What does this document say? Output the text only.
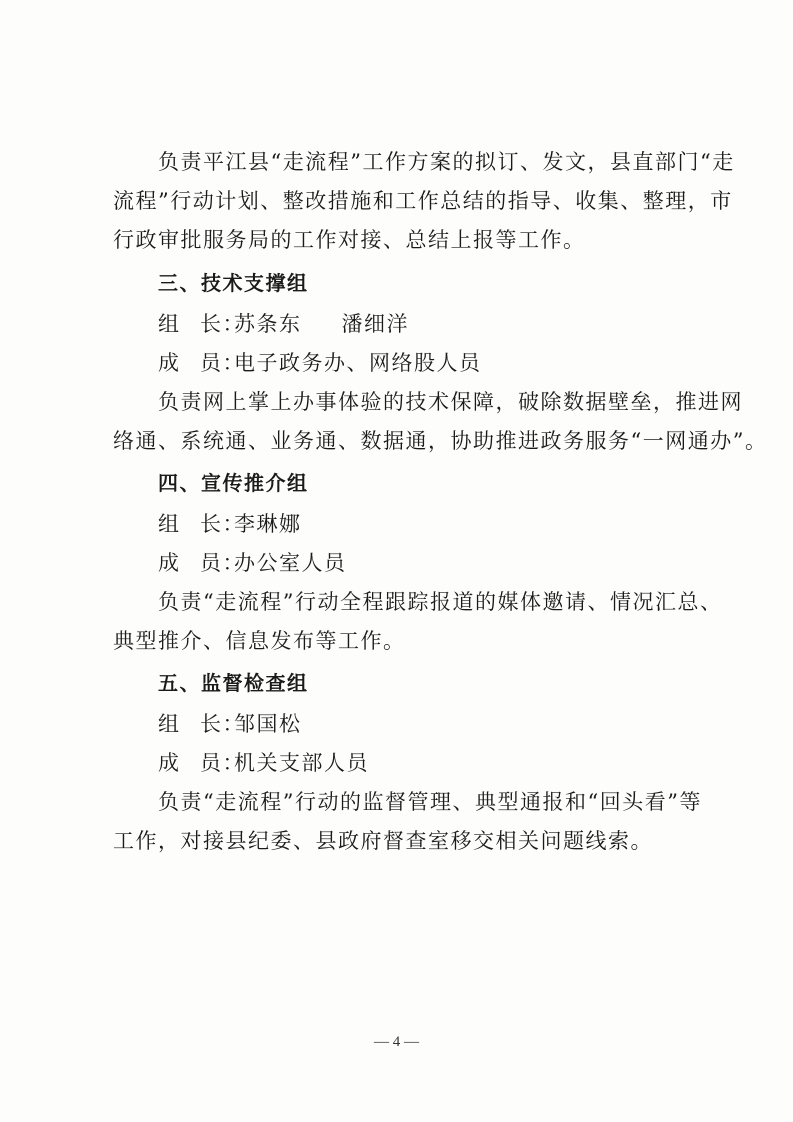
负责平江县“走流程”工作方案的拟订、发文，县直部门“走
流程”行动计划、整改措施和工作总结的指导、收集、整理，市
行政审批服务局的工作对接、总结上报等工作。
三、技术支撑组
组 长：苏条东 潘细洋
成 员：电子政务办、网络股人员
负责网上掌上办事体验的技术保障，破除数据壁垒，推进网
络通、系统通、业务通、数据通，协助推进政务服务“一网通办”。
四、宣传推介组
组 长：李琳娜
成 员：办公室人员
负责“走流程”行动全程跟踪报道的媒体邀请、情况汇总、
典型推介、信息发布等工作。
五、监督检查组
组 长：邹国松
成 员：机关支部人员
负责“走流程”行动的监督管理、典型通报和“回头看”等
工作，对接县纪委、县政府督查室移交相关问题线索。
— 4 —
